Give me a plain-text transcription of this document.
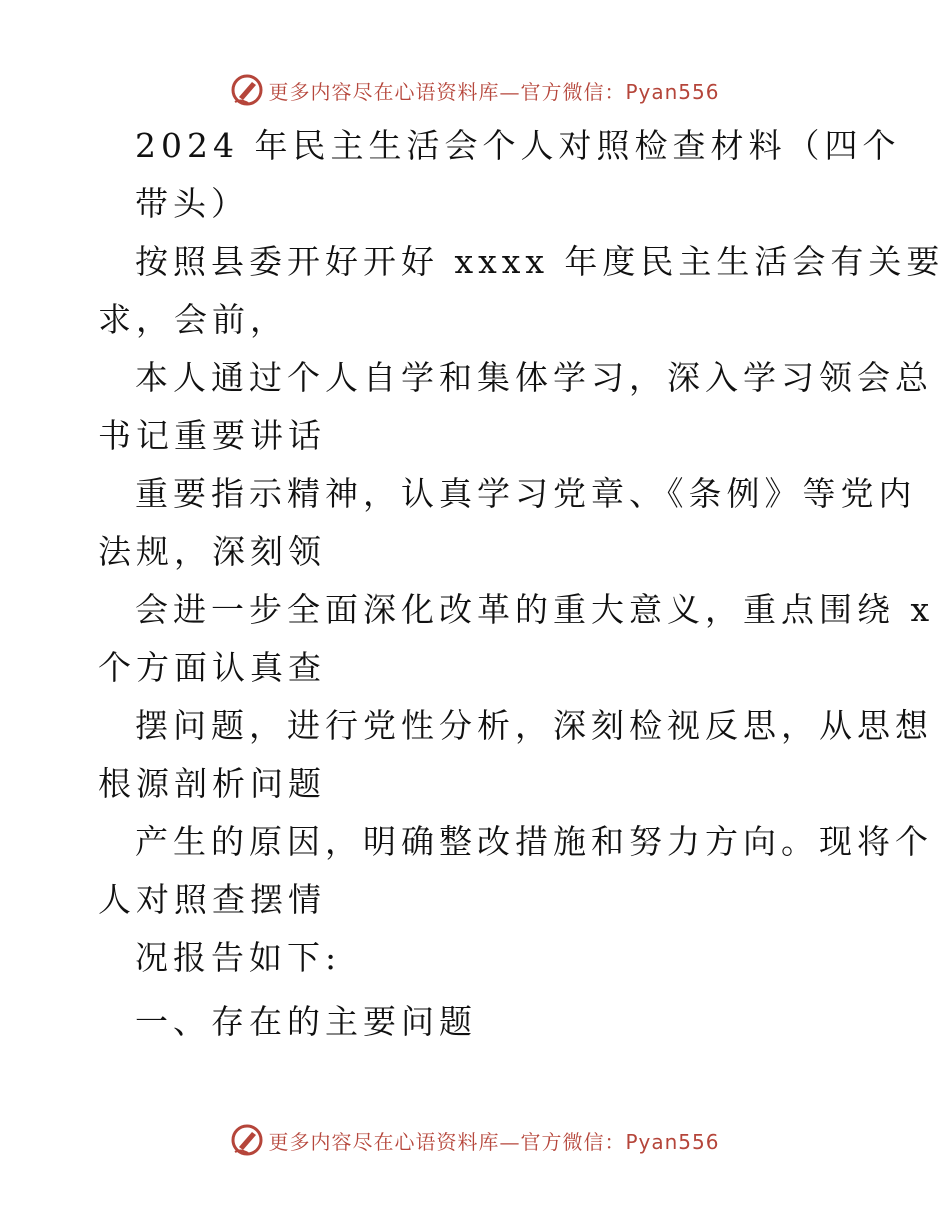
更多内容尽在心语资料库—官方微信：Pyan556
2024 年民主生活会个人对照检查材料（四个
带头）
按照县委开好开好 xxxx 年度民主生活会有关要
求，会前，
本人通过个人自学和集体学习，深入学习领会总
书记重要讲话
重要指示精神，认真学习党章、《条例》等党内
法规，深刻领
会进一步全面深化改革的重大意义，重点围绕 x
个方面认真查
摆问题，进行党性分析，深刻检视反思，从思想
根源剖析问题
产生的原因，明确整改措施和努力方向。现将个
人对照查摆情
况报告如下:
一、存在的主要问题
更多内容尽在心语资料库—官方微信：Pyan556
